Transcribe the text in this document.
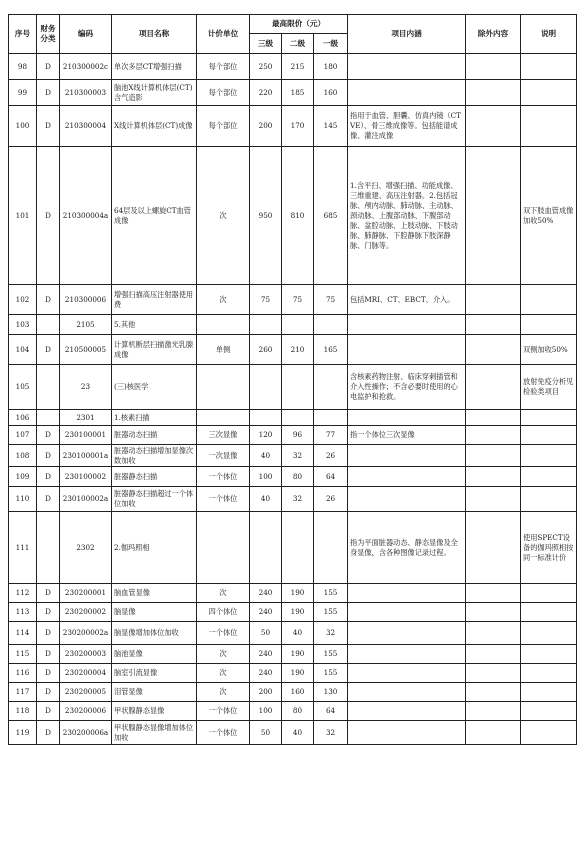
序号	财务分类	编码	项目名称	计价单位	最高限价（元）			项目内涵	除外内容	说明
					三级	二级	一级			
98	D	210300002c	单次多层CT增强扫描	每个部位	250	215	180			
99	D	210300003	脑池X线计算机体层(CT)含气造影	每个部位	220	185	160			
100	D	210300004	X线计算机体层(CT)成像	每个部位	200	170	145	指用于血管、胆囊、仿真内镜（CTVE）、骨三维成像等。包括能谱成像、灌注成像		
101	D	210300004a	64层及以上螺旋CT血管成像	次	950	810	685	1.含平扫、增强扫描、功能成像、三维重建、高压注射器。2.包括冠脉、颅内动脉、肺动脉、主动脉、颈动脉、上腹部动脉、下腹部动脉、盆腔动脉、上肢动脉、下肢动脉、肺静脉、下腔静脉下肢深静脉、门脉等。		双下肢血管成像加收50%
102	D	210300006	增强扫描高压注射器使用费	次	75	75	75	包括MRI、CT、EBCT、介入。		
103		2105	5.其他							
104	D	210500005	计算机断层扫描激光乳腺成像	单侧	260	210	165			双侧加收50%
105		23	(三)核医学					含核素药物注射、临床穿刺插管和介入性操作；不含必要时使用的心电监护和抢救。		放射免疫分析见检验类项目
106		2301	1.核素扫描							
107	D	230100001	脏器动态扫描	三次显像	120	96	77	指一个体位三次显像		
108	D	230100001a	脏器动态扫描增加显像次数加收	一次显像	40	32	26			
109	D	230100002	脏器静态扫描	一个体位	100	80	64			
110	D	230100002a	脏器静态扫描超过一个体位加收	一个体位	40	32	26			
111		2302	2.伽玛照相					指为平面脏器动态、静态显像及全身显像，含各种图像记录过程。		使用SPECT设备的伽玛照相按同一标准计价
112	D	230200001	脑血管显像	次	240	190	155			
113	D	230200002	脑显像	四个体位	240	190	155			
114	D	230200002a	脑显像增加体位加收	一个体位	50	40	32			
115	D	230200003	脑池显像	次	240	190	155			
116	D	230200004	脑室引流显像	次	240	190	155			
117	D	230200005	泪管显像	次	200	160	130			
118	D	230200006	甲状腺静态显像	一个体位	100	80	64			
119	D	230200006a	甲状腺静态显像增加体位加收	一个体位	50	40	32			
